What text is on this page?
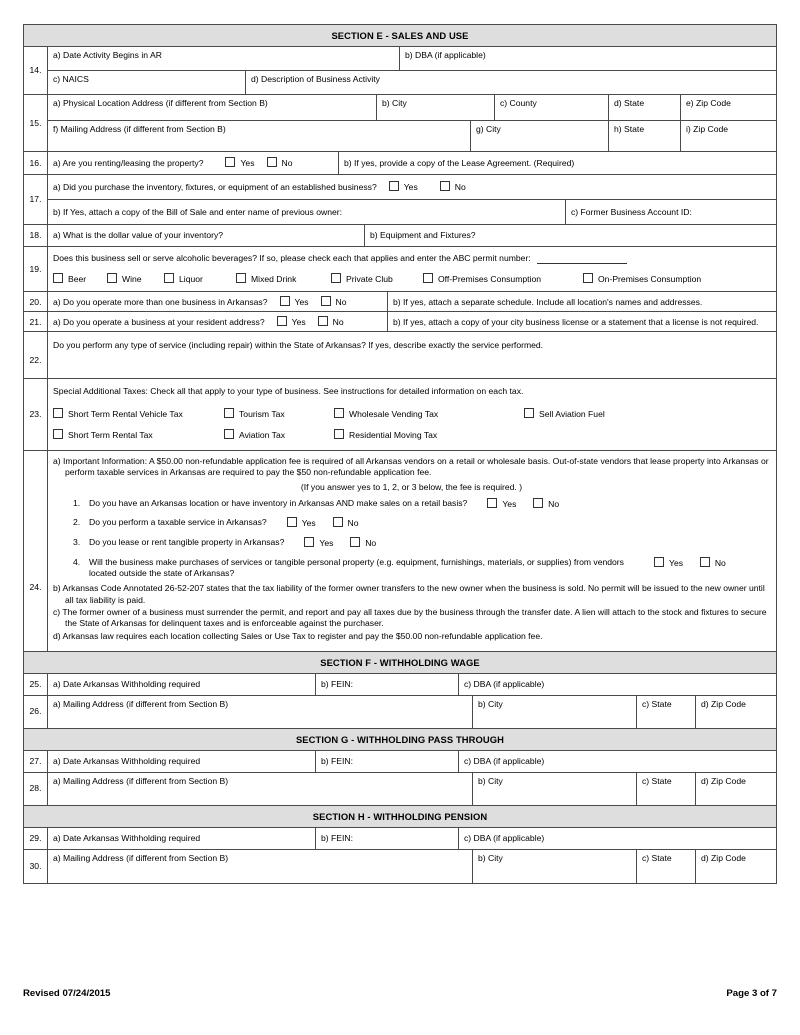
SECTION E - SALES AND USE
14.
a) Date Activity Begins in AR	b) DBA (if applicable)
c) NAICS	d) Description of Business Activity
15.
a) Physical Location Address (if different from Section B)	b) City	c) County	d) State	e) Zip Code
f) Mailing Address (if different from Section B)	g) City	h) State	i) Zip Code
16.	a) Are you renting/leasing the property?	Yes	No	b) If yes, provide a copy of the Lease Agreement. (Required)
17.
a) Did you purchase the inventory, fixtures, or equipment of an established business?	Yes	No
b) If Yes, attach a copy of the Bill of Sale and enter name of previous owner:	c) Former Business Account ID:
18.	a) What is the dollar value of your inventory?	b) Equipment and Fixtures?
19.
Does this business sell or serve alcoholic beverages? If so, please check each that applies and enter the ABC permit number:
Beer	Wine	Liquor	Mixed Drink	Private Club	Off-Premises Consumption	On-Premises Consumption
20.	a) Do you operate more than one business in Arkansas?	Yes	No	b) If yes, attach a separate schedule. Include all location's names and addresses.
21.	a) Do you operate a business at your resident address?	Yes	No	b) If yes, attach a copy of your city business license or a statement that a license is not required.
22.
Do you perform any type of service (including repair) within the State of Arkansas? If yes, describe exactly the service performed.
23.
Special Additional Taxes: Check all that apply to your type of business. See instructions for detailed information on each tax.
Short Term Rental Vehicle Tax	Tourism Tax	Wholesale Vending Tax	Sell Aviation Fuel
Short Term Rental Tax	Aviation Tax	Residential Moving Tax
24.
a) Important Information: A $50.00 non-refundable application fee is required of all Arkansas vendors on a retail or wholesale basis. Out-of-state vendors that lease property into Arkansas or perform taxable services in Arkansas are required to pay the $50 non-refundable application fee.
(If you answer yes to 1, 2, or 3 below, the fee is required. )
1.	Do you have an Arkansas location or have inventory in Arkansas AND make sales on a retail basis?	Yes	No
2.	Do you perform a taxable service in Arkansas?	Yes	No
3.	Do you lease or rent tangible property in Arkansas?	Yes	No
4.	Will the business make purchases of services or tangible personal property (e.g. equipment, furnishings, materials, or supplies) from vendors located outside the state of Arkansas?
Yes	No
b) Arkansas Code Annotated 26-52-207 states that the tax liability of the former owner transfers to the new owner when the business is sold. No permit will be issued to the new owner until all tax liability is paid.
c) The former owner of a business must surrender the permit, and report and pay all taxes due by the business through the transfer date. A lien will attach to the stock and fixtures to secure the State of Arkansas for delinquent taxes and is enforceable against the purchaser.
d) Arkansas law requires each location collecting Sales or Use Tax to register and pay the $50.00 non-refundable application fee.
SECTION F - WITHHOLDING WAGE
25.	a) Date Arkansas Withholding required	b) FEIN:	c) DBA (if applicable)
26.
a) Mailing Address (if different from Section B)	b) City	c) State	d) Zip Code
SECTION G - WITHHOLDING PASS THROUGH
27.	a) Date Arkansas Withholding required	b) FEIN:	c) DBA (if applicable)
28.
a) Mailing Address (if different from Section B)	b) City	c) State	d) Zip Code
SECTION H - WITHHOLDING PENSION
29.	a) Date Arkansas Withholding required	b) FEIN:	c) DBA (if applicable)
30.
a) Mailing Address (if different from Section B)	b) City	c) State	d) Zip Code
Revised 07/24/2015	Page 3 of 7
